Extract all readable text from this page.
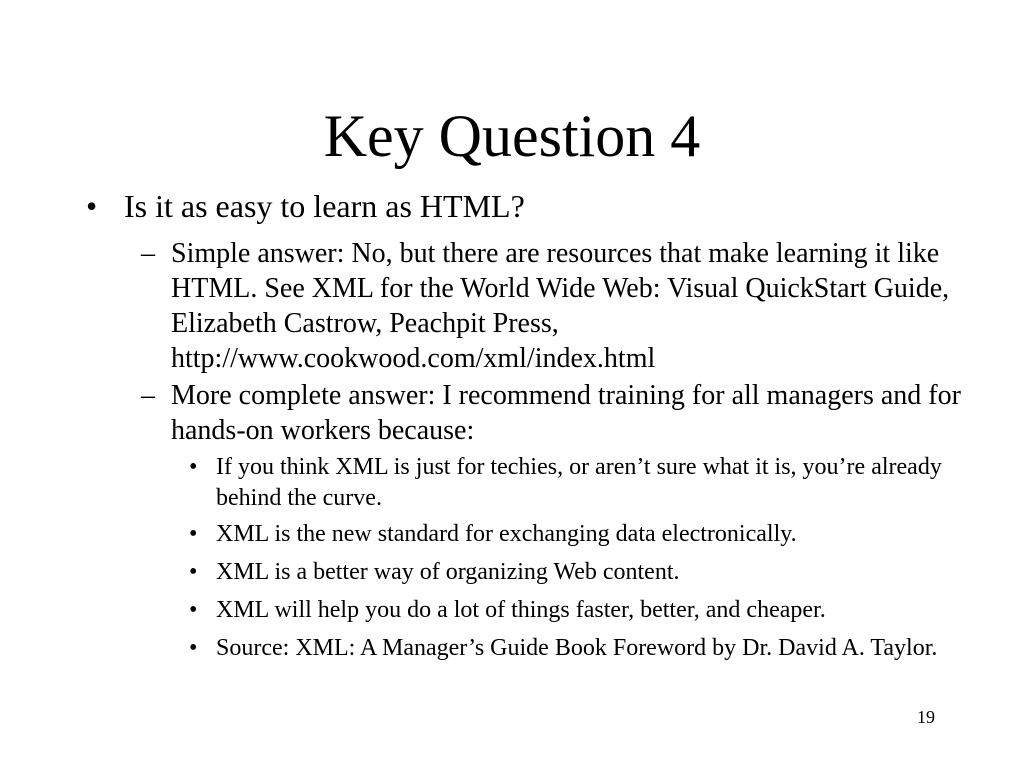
Key Question 4
• Is it as easy to learn as HTML?
– Simple answer: No, but there are resources that make learning it like HTML. See XML for the World Wide Web: Visual QuickStart Guide, Elizabeth Castrow, Peachpit Press, http://www.cookwood.com/xml/index.html
– More complete answer: I recommend training for all managers and for hands-on workers because:
• If you think XML is just for techies, or aren’t sure what it is, you’re already behind the curve.
• XML is the new standard for exchanging data electronically.
• XML is a better way of organizing Web content.
• XML will help you do a lot of things faster, better, and cheaper.
• Source: XML: A Manager’s Guide Book Foreword by Dr. David A. Taylor.
19
